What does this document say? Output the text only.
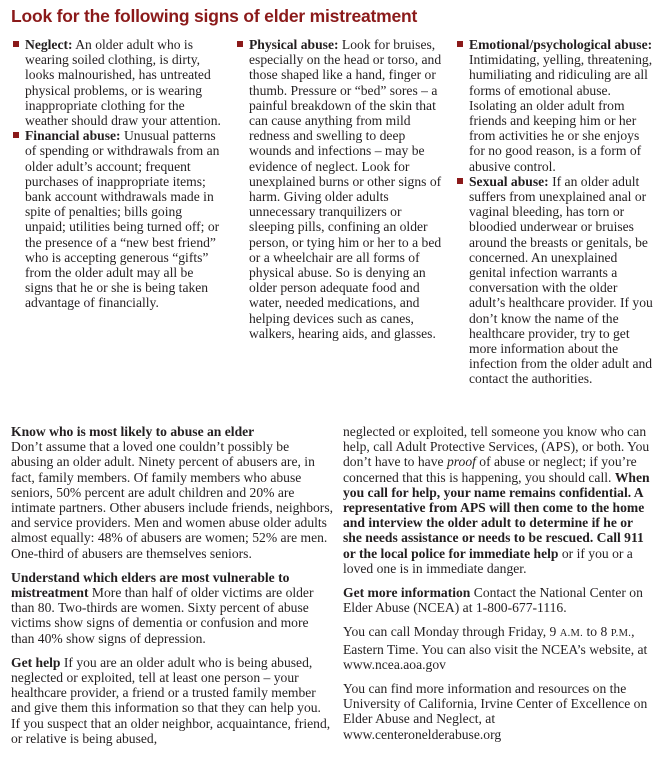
Look for the following signs of elder mistreatment
Neglect: An older adult who is wearing soiled clothing, is dirty, looks malnourished, has untreated physical problems, or is wearing inappropriate clothing for the weather should draw your attention.
Financial abuse: Unusual patterns of spending or withdrawals from an older adult’s account; frequent purchases of inappropriate items; bank account withdrawals made in spite of penalties; bills going unpaid; utilities being turned off; or the presence of a “new best friend” who is accepting generous “gifts” from the older adult may all be signs that he or she is being taken advantage of financially.
Physical abuse: Look for bruises, especially on the head or torso, and those shaped like a hand, finger or thumb. Pressure or “bed” sores – a painful breakdown of the skin that can cause anything from mild redness and swelling to deep wounds and infections – may be evidence of neglect. Look for unexplained burns or other signs of harm. Giving older adults unnecessary tranquilizers or sleeping pills, confining an older person, or tying him or her to a bed or a wheelchair are all forms of physical abuse. So is denying an older person adequate food and water, needed medications, and helping devices such as canes, walkers, hearing aids, and glasses.
Emotional/psychological abuse: Intimidating, yelling, threatening, humiliating and ridiculing are all forms of emotional abuse. Isolating an older adult from friends and keeping him or her from activities he or she enjoys for no good reason, is a form of abusive control.
Sexual abuse: If an older adult suffers from unexplained anal or vaginal bleeding, has torn or bloodied underwear or bruises around the breasts or genitals, be concerned. An unexplained genital infection warrants a conversation with the older adult’s healthcare provider. If you don’t know the name of the healthcare provider, try to get more information about the infection from the older adult and contact the authorities.
Know who is most likely to abuse an elder
Don’t assume that a loved one couldn’t possibly be abusing an older adult. Ninety percent of abusers are, in fact, family members. Of family members who abuse seniors, 50% percent are adult children and 20% are intimate partners. Other abusers include friends, neighbors, and service providers. Men and women abuse older adults almost equally: 48% of abusers are women; 52% are men. One-third of abusers are themselves seniors.
Understand which elders are most vulnerable to mistreatment More than half of older victims are older than 80. Two-thirds are women. Sixty percent of abuse victims show signs of dementia or confusion and more than 40% show signs of depression.
Get help If you are an older adult who is being abused, neglected or exploited, tell at least one person – your healthcare provider, a friend or a trusted family member and give them this information so that they can help you. If you suspect that an older neighbor, acquaintance, friend, or relative is being abused,
neglected or exploited, tell someone you know who can help, call Adult Protective Services, (APS), or both. You don’t have to have proof of abuse or neglect; if you’re concerned that this is happening, you should call. When you call for help, your name remains confidential. A representative from APS will then come to the home and interview the older adult to determine if he or she needs assistance or needs to be rescued. Call 911 or the local police for immediate help or if you or a loved one is in immediate danger.
Get more information Contact the National Center on Elder Abuse (NCEA) at 1-800-677-1116.
You can call Monday through Friday, 9 A.M. to 8 P.M., Eastern Time. You can also visit the NCEA’s website, at www.ncea.aoa.gov
You can find more information and resources on the University of California, Irvine Center of Excellence on Elder Abuse and Neglect, at www.centeronelderabuse.org
